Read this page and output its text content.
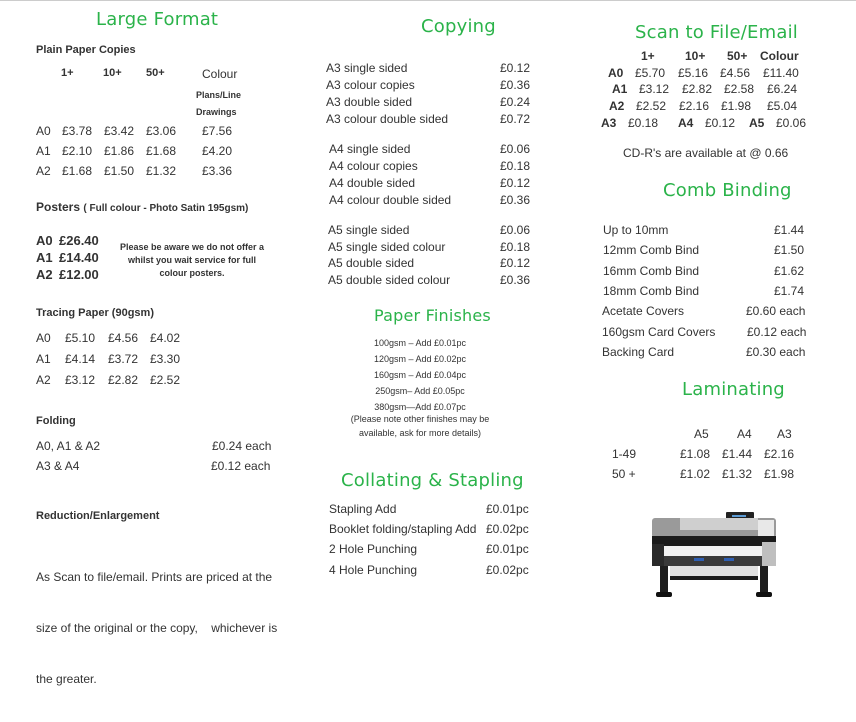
Large Format
Plain Paper Copies
1+	10+ 50+	Colour
Plans/Line
Drawings
A0 £3.78 £3.42 £3.06 £7.56
A1 £2.10 £1.86 £1.68 £4.20
A2 £1.68 £1.50 £1.32 £3.36
Posters ( Full colour - Photo Satin 195gsm)
A0 £26.40
A1 £14.40
A2 £12.00
Please be aware we do not offer a
whilst you wait service for full
colour posters.
Tracing Paper (90gsm)
A0 £5.10 £4.56 £4.02
A1 £4.14 £3.72 £3.30
A2 £3.12 £2.82 £2.52
Folding
A0, A1 & A2	£0.24 each
A3 & A4	£0.12 each
Reduction/Enlargement

As Scan to file/email. Prints are priced at the

size of the original or the copy,    whichever is

the greater.

Copying
A3 single sided	£0.12
A3 colour copies	£0.36
A3 double sided	£0.24
A3 colour double sided	£0.72
A4 single sided	£0.06
A4 colour copies	£0.18
A4 double sided	£0.12
A4 colour double sided	£0.36
A5 single sided	£0.06
A5 single sided colour	£0.18
A5 double sided	£0.12
A5 double sided colour	£0.36
Paper Finishes
100gsm – Add £0.01pc
120gsm – Add £0.02pc
160gsm – Add £0.04pc
250gsm– Add £0.05pc
380gsm—Add £0.07pc
(Please note other finishes may be
available, ask for more details)
Collating & Stapling
Stapling Add	£0.01pc
Booklet folding/stapling Add £0.02pc
2 Hole Punching	£0.01pc
4 Hole Punching	£0.02pc
Scan to File/Email
1+	10+ 50+ Colour
A0 £5.70 £5.16 £4.56 £11.40
A1 £3.12 £2.82 £2.58 £6.24
A2 £2.52 £2.16 £1.98 £5.04
A3 £0.18 A4 £0.12 A5 £0.06
CD-R's are available at @ 0.66
Comb Binding
Up to 10mm	£1.44
12mm Comb Bind	£1.50
16mm Comb Bind	£1.62
18mm Comb Bind	£1.74
Acetate Covers	£0.60 each
160gsm Card Covers	£0.12 each
Backing Card	£0.30 each
Laminating
A5 A4 A3
1-49	£1.08 £1.44 £2.16
50 +	£1.02 £1.32 £1.98
